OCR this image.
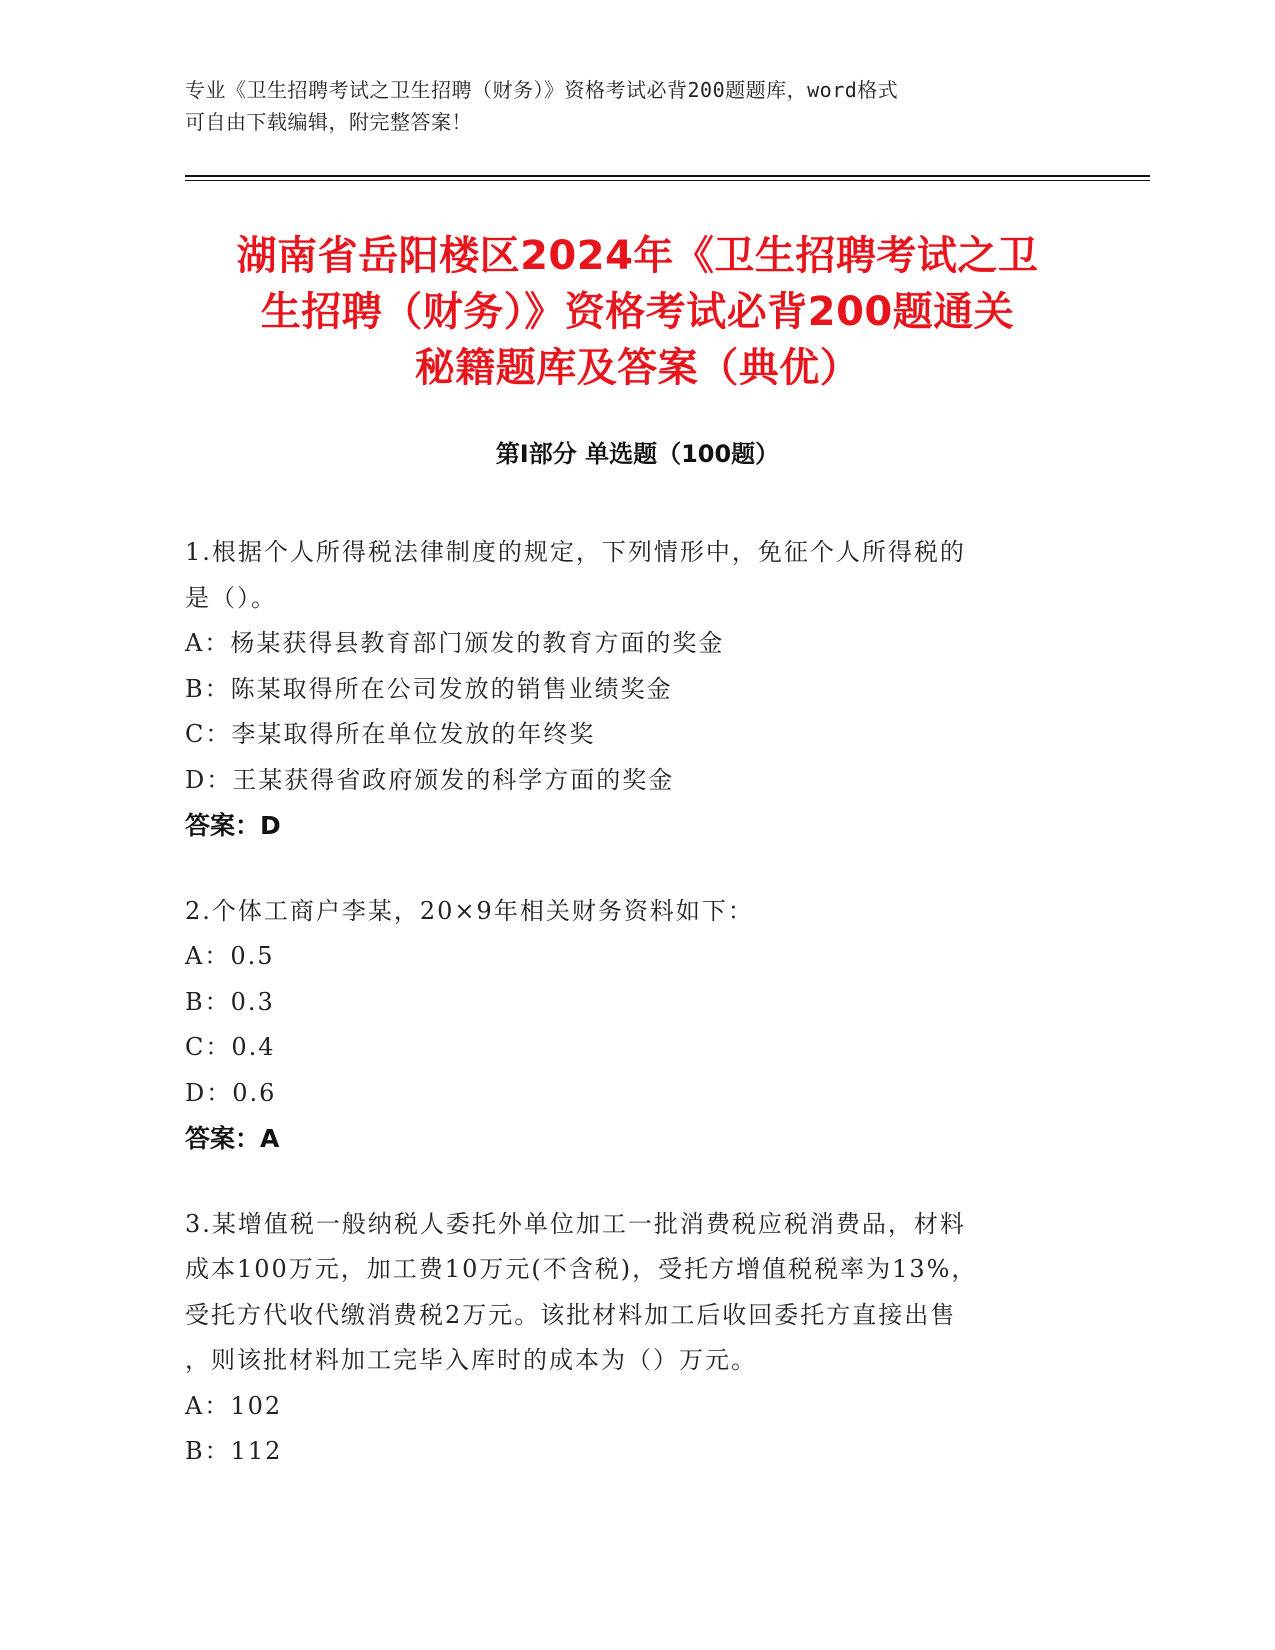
专业《卫生招聘考试之卫生招聘（财务）》资格考试必背200题题库，word格式
可自由下载编辑，附完整答案！
湖南省岳阳楼区2024年《卫生招聘考试之卫
生招聘（财务）》资格考试必背200题通关
秘籍题库及答案（典优）
第Ⅰ部分 单选题（100题）

1.根据个人所得税法律制度的规定，下列情形中，免征个人所得税的

是（）。

A：杨某获得县教育部门颁发的教育方面的奖金

B：陈某取得所在公司发放的销售业绩奖金

C：李某取得所在单位发放的年终奖

D：王某获得省政府颁发的科学方面的奖金

答案：D

2.个体工商户李某，20×9年相关财务资料如下：

A：0.5

B：0.3

C：0.4

D：0.6

答案：A

3.某增值税一般纳税人委托外单位加工一批消费税应税消费品，材料

成本100万元，加工费10万元(不含税)，受托方增值税税率为13%，

受托方代收代缴消费税2万元。该批材料加工后收回委托方直接出售

，则该批材料加工完毕入库时的成本为（）万元。

A：102

B：112
